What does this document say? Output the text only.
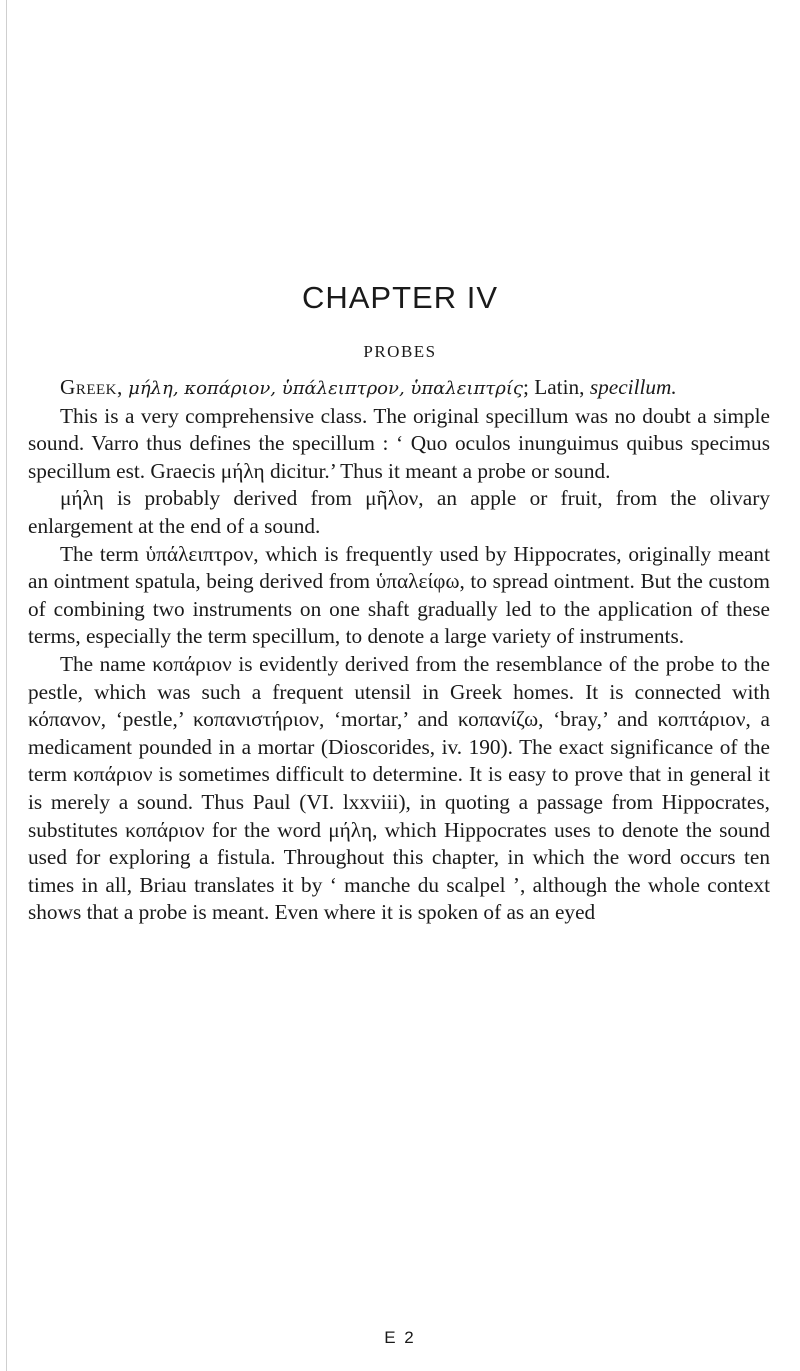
CHAPTER IV
PROBES

Greek, μήλη, κοπάριον, ὑπάλειπτρον, ὑπαλειπτρίς; Latin, specillum.

This is a very comprehensive class. The original specillum was no doubt a simple sound. Varro thus defines the specillum : ‘ Quo oculos inunguimus quibus specimus specillum est. Graecis μήλη dicitur.’ Thus it meant a probe or sound.

μήλη is probably derived from μῆλον, an apple or fruit, from the olivary enlargement at the end of a sound.

The term ὑπάλειπτρον, which is frequently used by Hippocrates, originally meant an ointment spatula, being derived from ὑπαλείφω, to spread ointment. But the custom of combining two instruments on one shaft gradually led to the application of these terms, especially the term specillum, to denote a large variety of instruments.

The name κοπάριον is evidently derived from the resemblance of the probe to the pestle, which was such a frequent utensil in Greek homes. It is connected with κόπανον, ‘pestle,’ κοπανιστήριον, ‘mortar,’ and κοπανίζω, ‘bray,’ and κοπτάριον, a medicament pounded in a mortar (Dioscorides, iv. 190). The exact significance of the term κοπάριον is sometimes difficult to determine. It is easy to prove that in general it is merely a sound. Thus Paul (VI. lxxviii), in quoting a passage from Hippocrates, substitutes κοπάριον for the word μήλη, which Hippocrates uses to denote the sound used for exploring a fistula. Throughout this chapter, in which the word occurs ten times in all, Briau translates it by ‘ manche du scalpel ’, although the whole context shows that a probe is meant. Even where it is spoken of as an eyed

E 2
